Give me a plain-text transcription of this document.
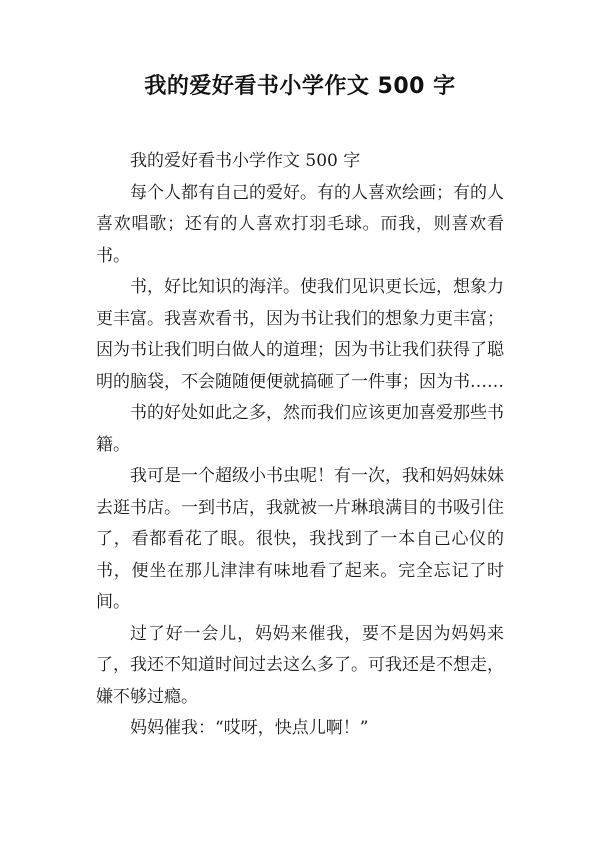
我的爱好看书小学作文 500 字

我的爱好看书小学作文 500 字

每个人都有自己的爱好。有的人喜欢绘画；有的人喜欢唱歌；还有的人喜欢打羽毛球。而我，则喜欢看书。

书，好比知识的海洋。使我们见识更长远，想象力更丰富。我喜欢看书，因为书让我们的想象力更丰富；因为书让我们明白做人的道理；因为书让我们获得了聪明的脑袋，不会随随便便就搞砸了一件事；因为书……

书的好处如此之多，然而我们应该更加喜爱那些书籍。

我可是一个超级小书虫呢！有一次，我和妈妈妹妹去逛书店。一到书店，我就被一片琳琅满目的书吸引住了，看都看花了眼。很快，我找到了一本自己心仪的书，便坐在那儿津津有味地看了起来。完全忘记了时间。

过了好一会儿，妈妈来催我，要不是因为妈妈来了，我还不知道时间过去这么多了。可我还是不想走，嫌不够过瘾。

妈妈催我：“哎呀，快点儿啊！”
